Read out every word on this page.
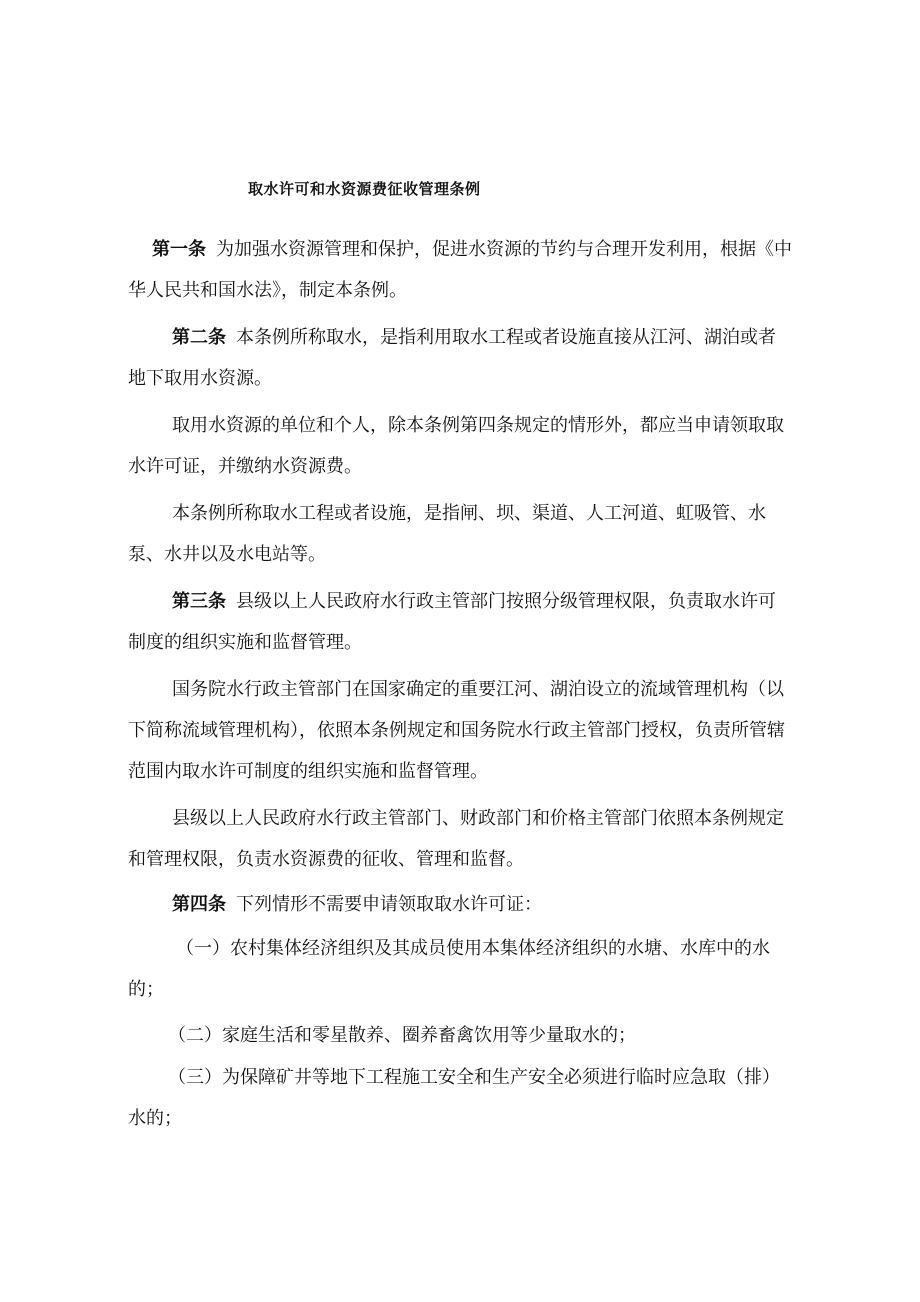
取水许可和水资源费征收管理条例

第一条 为加强水资源管理和保护，促进水资源的节约与合理开发利用，根据《中华人民共和国水法》，制定本条例。

第二条 本条例所称取水，是指利用取水工程或者设施直接从江河、湖泊或者地下取用水资源。

取用水资源的单位和个人，除本条例第四条规定的情形外，都应当申请领取取水许可证，并缴纳水资源费。

本条例所称取水工程或者设施，是指闸、坝、渠道、人工河道、虹吸管、水泵、水井以及水电站等。

第三条 县级以上人民政府水行政主管部门按照分级管理权限，负责取水许可制度的组织实施和监督管理。

国务院水行政主管部门在国家确定的重要江河、湖泊设立的流域管理机构（以下简称流域管理机构），依照本条例规定和国务院水行政主管部门授权，负责所管辖范围内取水许可制度的组织实施和监督管理。

县级以上人民政府水行政主管部门、财政部门和价格主管部门依照本条例规定和管理权限，负责水资源费的征收、管理和监督。

第四条 下列情形不需要申请领取取水许可证：

（一）农村集体经济组织及其成员使用本集体经济组织的水塘、水库中的水的；

（二）家庭生活和零星散养、圈养畜禽饮用等少量取水的；

（三）为保障矿井等地下工程施工安全和生产安全必须进行临时应急取（排） 水的；
